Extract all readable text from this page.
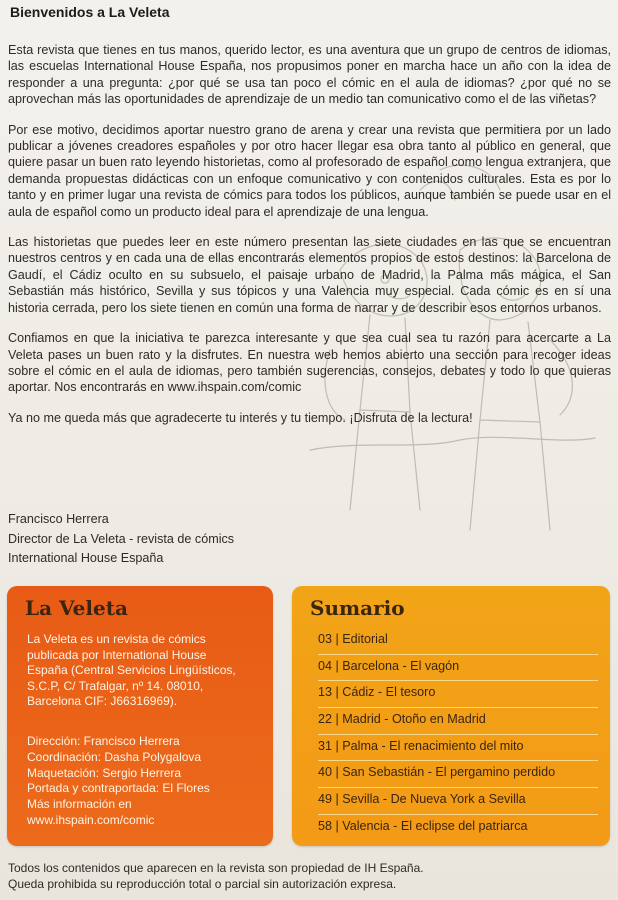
Bienvenidos a La Veleta

Esta revista que tienes en tus manos, querido lector, es una aventura que un grupo de centros de idiomas, las escuelas International House España, nos propusimos poner en marcha hace un año con la idea de responder a una pregunta: ¿por qué se usa tan poco el cómic en el aula de idiomas? ¿por qué no se aprovechan más las oportunidades de aprendizaje de un medio tan comunicativo como el de las viñetas?

Por ese motivo, decidimos aportar nuestro grano de arena y crear una revista que permitiera por un lado publicar a jóvenes creadores españoles y por otro hacer llegar esa obra tanto al público en general, que quiere pasar un buen rato leyendo historietas, como al profesorado de español como lengua extranjera, que demanda propuestas didácticas con un enfoque comunicativo y con contenidos culturales. Esta es por lo tanto y en primer lugar una revista de cómics para todos los públicos, aunque también se puede usar en el aula de español como un producto ideal para el aprendizaje de una lengua.

Las historietas que puedes leer en este número presentan las siete ciudades en las que se encuentran nuestros centros y en cada una de ellas encontrarás elementos propios de estos destinos: la Barcelona de Gaudí, el Cádiz oculto en su subsuelo, el paisaje urbano de Madrid, la Palma más mágica, el San Sebastián más histórico, Sevilla y sus tópicos y una Valencia muy especial. Cada cómic es en sí una historia cerrada, pero los siete tienen en común una forma de narrar y de describir esos entornos urbanos.

Confiamos en que la iniciativa te parezca interesante y que sea cual sea tu razón para acercarte a La Veleta pases un buen rato y la disfrutes. En nuestra web hemos abierto una sección para recoger ideas sobre el cómic en el aula de idiomas, pero también sugerencias, consejos, debates y todo lo que quieras aportar. Nos encontrarás en www.ihspain.com/comic

Ya no me queda más que agradecerte tu interés y tu tiempo. ¡Disfruta de la lectura!

Francisco Herrera
Director de La Veleta - revista de cómics
International House España
La Veleta
La Veleta es un revista de cómics
publicada por International House
España (Central Servicios Lingüísticos,
S.C.P, C/ Trafalgar, nº 14. 08010,
Barcelona CIF: J66316969).
Dirección: Francisco Herrera
Coordinación: Dasha Polygalova
Maquetación: Sergio Herrera
Portada y contraportada: El Flores
Más información en
www.ihspain.com/comic
Sumario
03 | Editorial
04 | Barcelona - El vagón
13 | Cádiz - El tesoro
22 | Madrid - Otoño en Madrid
31 | Palma - El renacimiento del mito
40 | San Sebastián - El pergamino perdido
49 | Sevilla - De Nueva York a Sevilla
58 | Valencia - El eclipse del patriarca
Todos los contenidos que aparecen en la revista son propiedad de IH España.
Queda prohibida su reproducción total o parcial sin autorización expresa.
